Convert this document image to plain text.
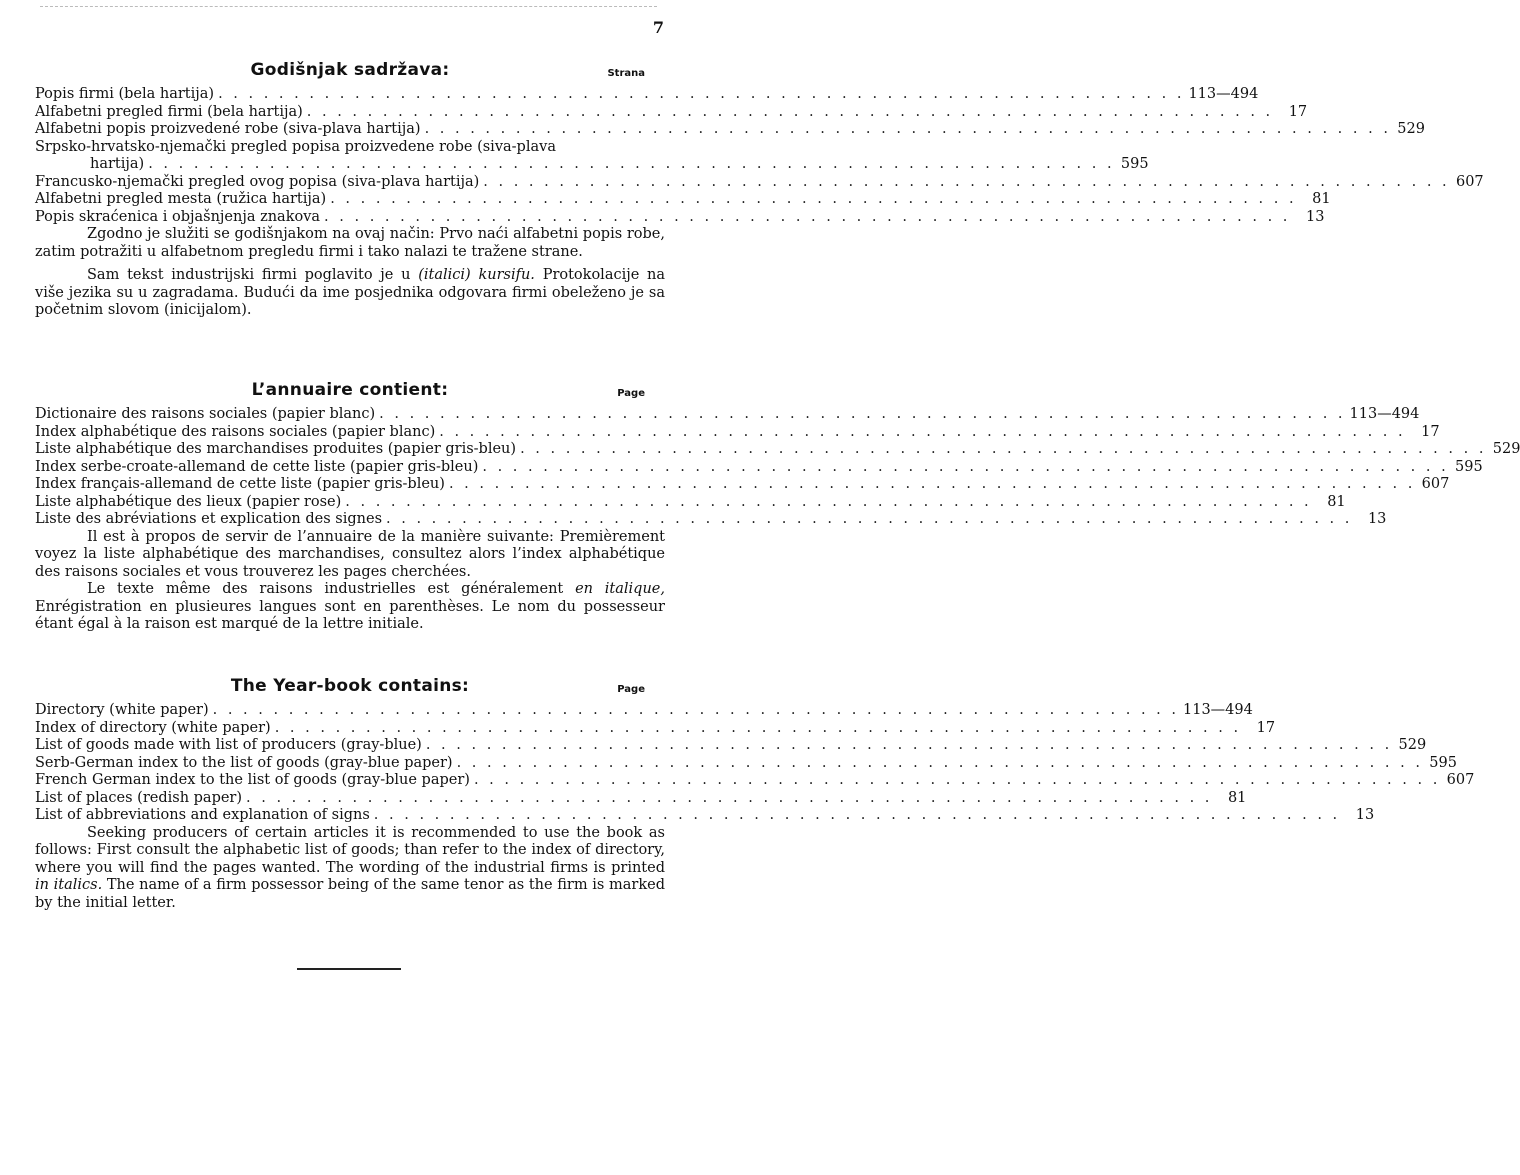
7
Godišnjak sadržava:	Strana
Popis firmi (bela hartija) . . . . . . . . . . . . . . . . . . . . . . . . . . . . . . . . . . . . . . . . . . . . . . . . . . . . . . . . . . . . . . . . 113—494
Alfabetni pregled firmi (bela hartija) . . . . . . . . . . . . . . . . . . . . . . . . . . . . . . . . . . . . . . . . . . . . . . . . . . . . . . . . . . . . . . . .	17
Alfabetni popis proizvedené robe (siva-plava hartija) . . . . . . . . . . . . . . . . . . . . . . . . . . . . . . . . . . . . . . . . . . . . . . . . . . . . . . . . . . . . . . . . 529
Srpsko-hrvatsko-njemački pregled popisa proizvedene robe (siva-plava
hartija) . . . . . . . . . . . . . . . . . . . . . . . . . . . . . . . . . . . . . . . . . . . . . . . . . . . . . . . . . . . . . . . . 595
Francusko-njemački pregled ovog popisa (siva-plava hartija) . . . . . . . . . . . . . . . . . . . . . . . . . . . . . . . . . . . . . . . . . . . . . . . . . . . . . . . . . . . . . . . . 607
Alfabetni pregled mesta (ružica hartija) . . . . . . . . . . . . . . . . . . . . . . . . . . . . . . . . . . . . . . . . . . . . . . . . . . . . . . . . . . . . . . . .	81
Popis skraćenica i objašnjenja znakova . . . . . . . . . . . . . . . . . . . . . . . . . . . . . . . . . . . . . . . . . . . . . . . . . . . . . . . . . . . . . . . .	13

Zgodno je služiti se godišnjakom na ovaj način: Prvo naći alfabetni popis robe, zatim potražiti u alfabetnom pregledu firmi i tako nalazi te tražene strane.

Sam tekst industrijski firmi poglavito je u (italici) kursifu. Protokolacije na više jezika su u zagradama. Budući da ime posjednika odgovara firmi obeleženo je sa početnim slovom (inicijalom).

L’annuaire contient:	Page
Dictionaire des raisons sociales (papier blanc) . . . . . . . . . . . . . . . . . . . . . . . . . . . . . . . . . . . . . . . . . . . . . . . . . . . . . . . . . . . . . . . . 113—494
Index alphabétique des raisons sociales (papier blanc) . . . . . . . . . . . . . . . . . . . . . . . . . . . . . . . . . . . . . . . . . . . . . . . . . . . . . . . . . . . . . . . .	17
Liste alphabétique des marchandises produites (papier gris-bleu) . . . . . . . . . . . . . . . . . . . . . . . . . . . . . . . . . . . . . . . . . . . . . . . . . . . . . . . . . . . . . . . . 529
Index serbe-croate-allemand de cette liste (papier gris-bleu) . . . . . . . . . . . . . . . . . . . . . . . . . . . . . . . . . . . . . . . . . . . . . . . . . . . . . . . . . . . . . . . . 595
Index français-allemand de cette liste (papier gris-bleu) . . . . . . . . . . . . . . . . . . . . . . . . . . . . . . . . . . . . . . . . . . . . . . . . . . . . . . . . . . . . . . . . 607
Liste alphabétique des lieux (papier rose) . . . . . . . . . . . . . . . . . . . . . . . . . . . . . . . . . . . . . . . . . . . . . . . . . . . . . . . . . . . . . . . .	81
Liste des abréviations et explication des signes . . . . . . . . . . . . . . . . . . . . . . . . . . . . . . . . . . . . . . . . . . . . . . . . . . . . . . . . . . . . . . . .	13

Il est à propos de servir de l’annuaire de la manière suivante: Premièrement voyez la liste alphabétique des marchandises, consultez alors l’index alphabétique des raisons sociales et vous trouverez les pages cherchées.

Le texte même des raisons industrielles est généralement en italique, Enrégistration en plusieures langues sont en parenthèses. Le nom du possesseur étant égal à la raison est marqué de la lettre initiale.

The Year-book contains:	Page
Directory (white paper) . . . . . . . . . . . . . . . . . . . . . . . . . . . . . . . . . . . . . . . . . . . . . . . . . . . . . . . . . . . . . . . . 113—494
Index of directory (white paper) . . . . . . . . . . . . . . . . . . . . . . . . . . . . . . . . . . . . . . . . . . . . . . . . . . . . . . . . . . . . . . . .	17
List of goods made with list of producers (gray-blue) . . . . . . . . . . . . . . . . . . . . . . . . . . . . . . . . . . . . . . . . . . . . . . . . . . . . . . . . . . . . . . . . 529
Serb-German index to the list of goods (gray-blue paper) . . . . . . . . . . . . . . . . . . . . . . . . . . . . . . . . . . . . . . . . . . . . . . . . . . . . . . . . . . . . . . . . 595
French German index to the list of goods (gray-blue paper) . . . . . . . . . . . . . . . . . . . . . . . . . . . . . . . . . . . . . . . . . . . . . . . . . . . . . . . . . . . . . . . . 607
List of places (redish paper) . . . . . . . . . . . . . . . . . . . . . . . . . . . . . . . . . . . . . . . . . . . . . . . . . . . . . . . . . . . . . . . .	81
List of abbreviations and explanation of signs . . . . . . . . . . . . . . . . . . . . . . . . . . . . . . . . . . . . . . . . . . . . . . . . . . . . . . . . . . . . . . . .	13

Seeking producers of certain articles it is recommended to use the book as follows: First consult the alphabetic list of goods; than refer to the index of directory, where you will find the pages wanted. The wording of the industrial firms is printed in italics. The name of a firm possessor being of the same tenor as the firm is marked by the initial letter.
